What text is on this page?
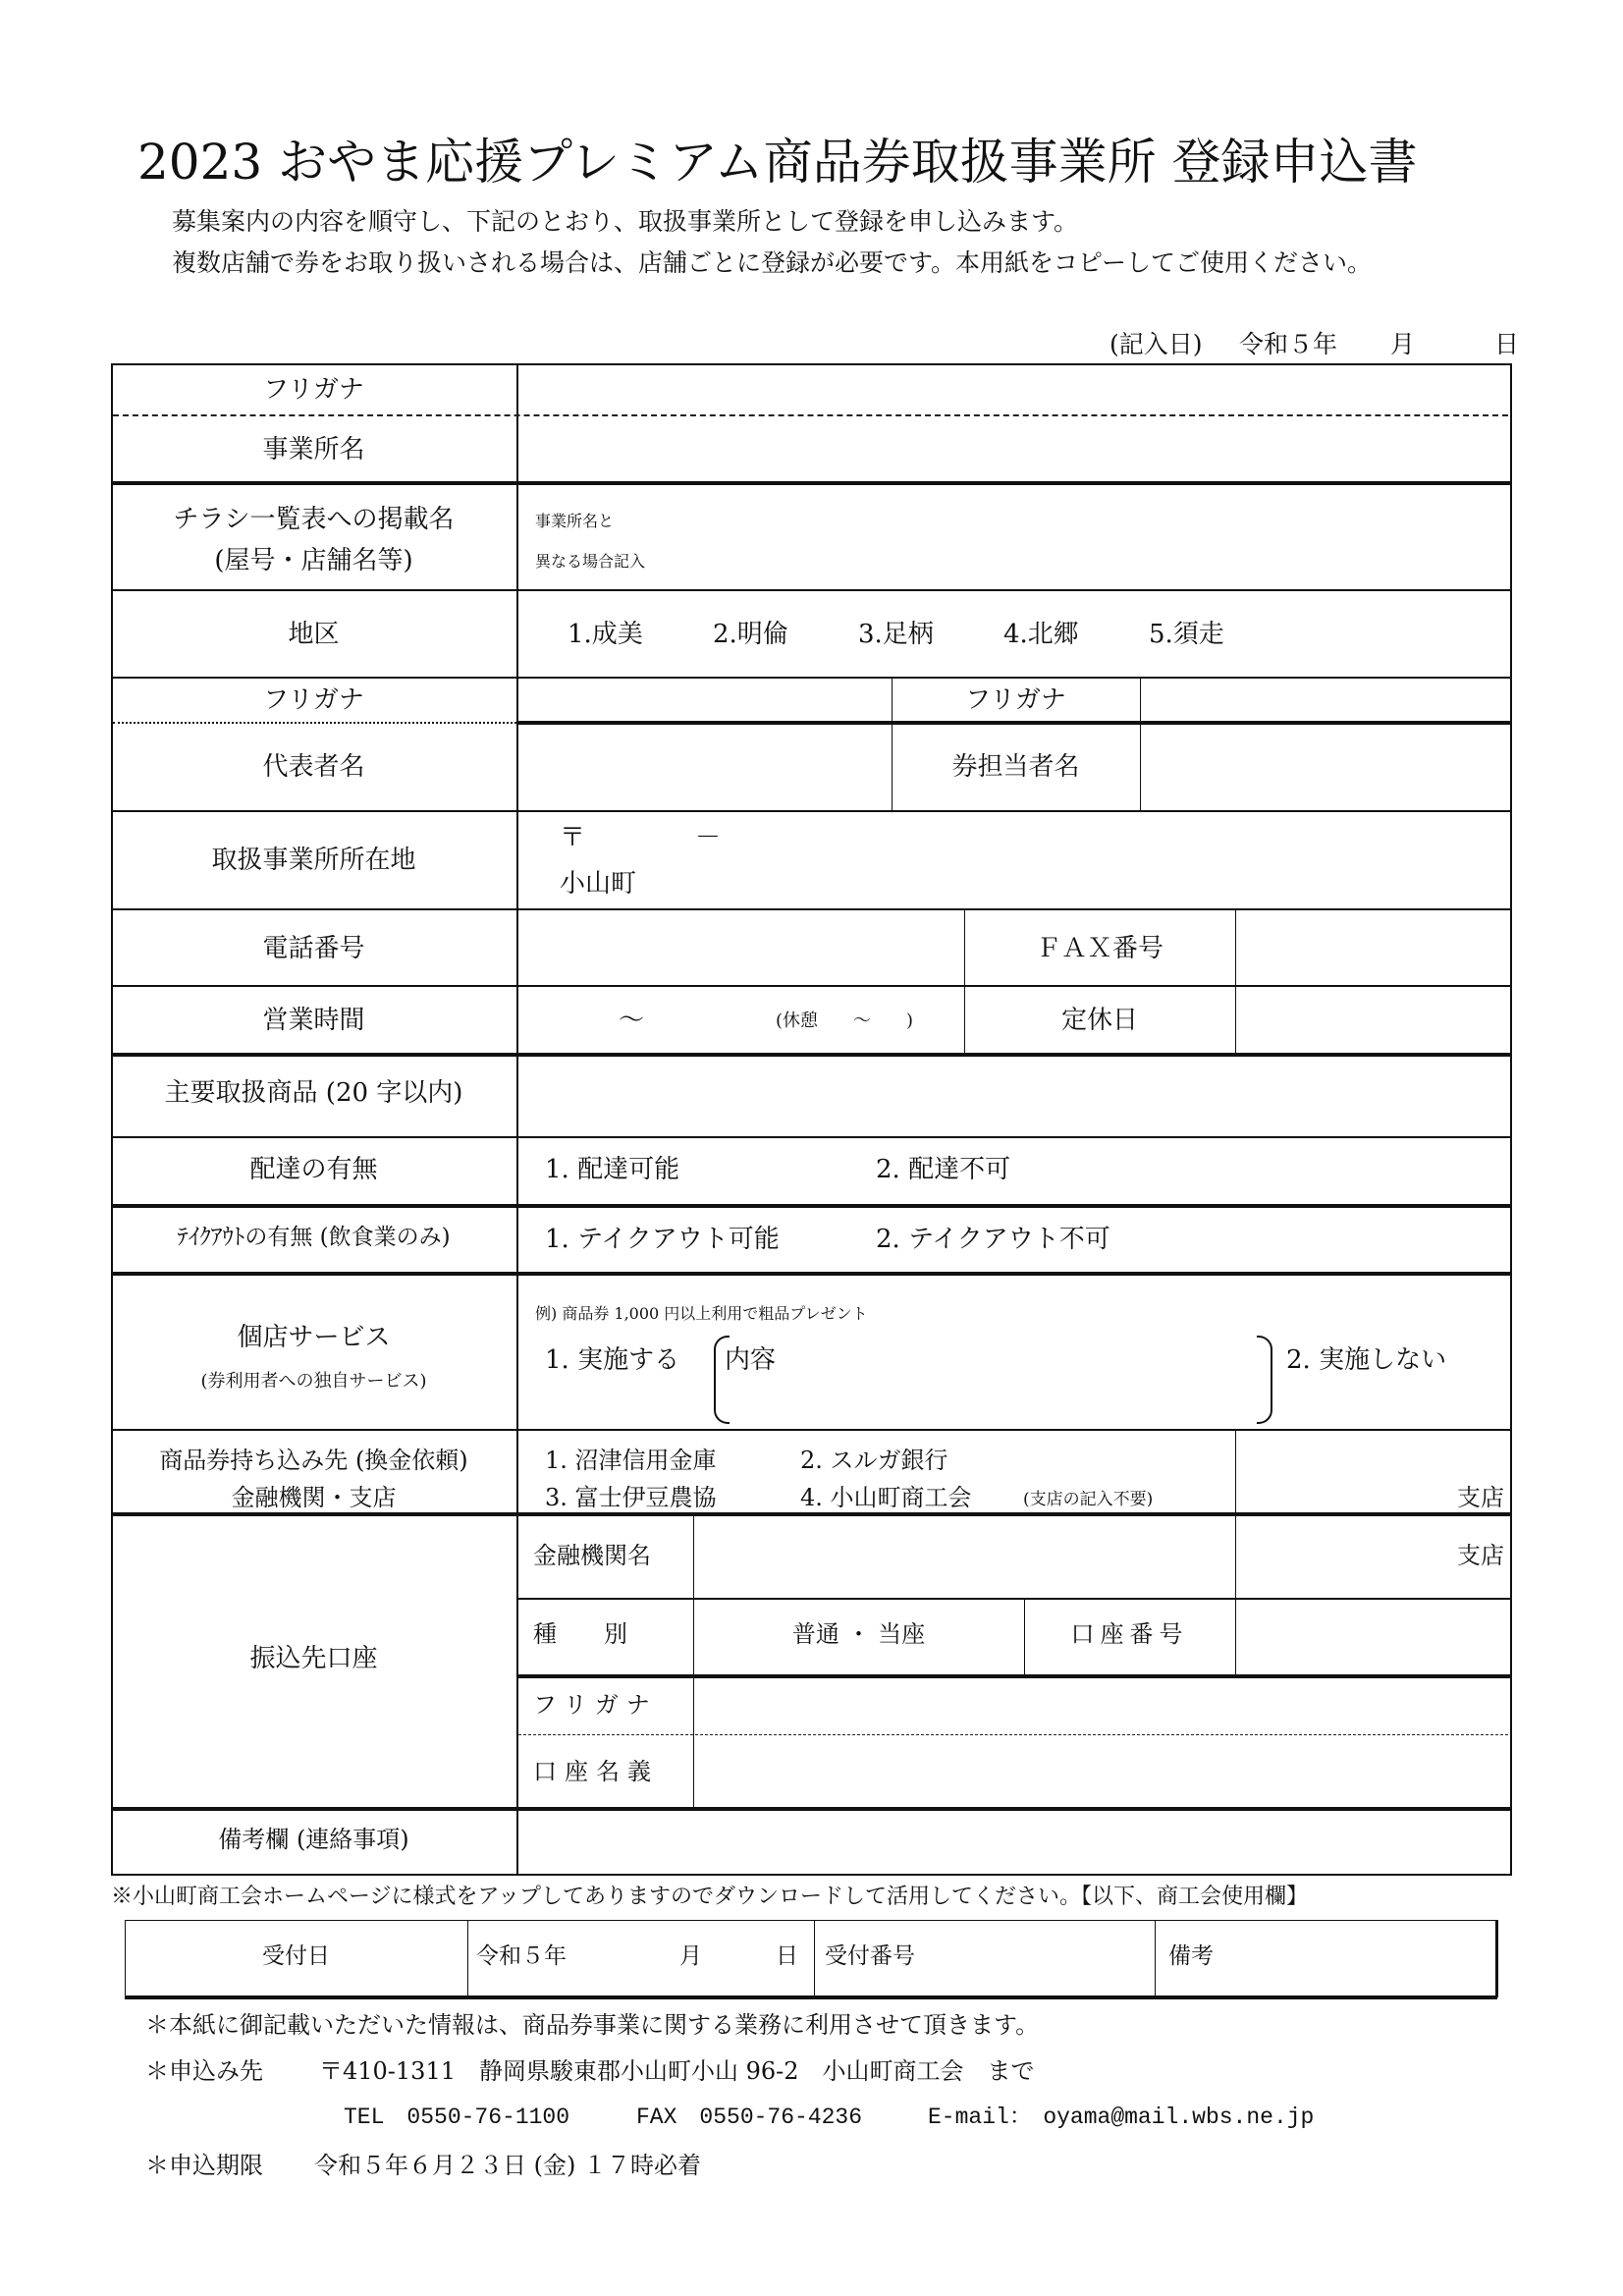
2023 おやま応援プレミアム商品券取扱事業所 登録申込書
募集案内の内容を順守し、下記のとおり、取扱事業所として登録を申し込みます。
複数店舗で券をお取り扱いされる場合は、店舗ごとに登録が必要です。本用紙をコピーしてご使用ください。
(記入日) 令和５年 月	日
フリガナ
事業所名
チラシ一覧表への掲載名
(屋号・店舗名等)
事業所名と
異なる場合記入
地区	1.成美	2.明倫	3.足柄	4.北郷	5.須走
フリガナ	フリガナ
代表者名	券担当者名
取扱事業所所在地
〒	－
小山町
電話番号	ＦＡＸ番号
営業時間	～	(休憩　　～　　)	定休日
主要取扱商品 (20 字以内)
配達の有無	1. 配達可能	2. 配達不可
ﾃｲｸｱｳﾄの有無 (飲食業のみ)	1. テイクアウト可能	2. テイクアウト不可
個店サービス
(券利用者への独自サービス)
例) 商品券 1,000 円以上利用で粗品プレゼント
1. 実施する 内容	2. 実施しない
商品券持ち込み先 (換金依頼)
金融機関・支店
1. 沼津信用金庫	2. スルガ銀行
3. 富士伊豆農協	4. 小山町商工会	(支店の記入不要)	支店
振込先口座
金融機関名	支店
種　　別	普通 ・ 当座	口座番号
フリガナ
口座名義
備考欄 (連絡事項)
※小山町商工会ホームページに様式をアップしてありますのでダウンロードして活用してください。【以下、商工会使用欄】
受付日	令和５年	月	日 受付番号	備考
＊本紙に御記載いただいた情報は、商品券事業に関する業務に利用させて頂きます。
＊申込み先 〒410-1311　静岡県駿東郡小山町小山 96-2　小山町商工会　まで
TEL　0550-76-1100	FAX　0550-76-4236	E-mail：　oyama@mail.wbs.ne.jp
＊申込期限 令和５年６月２３日 (金) １７時必着
